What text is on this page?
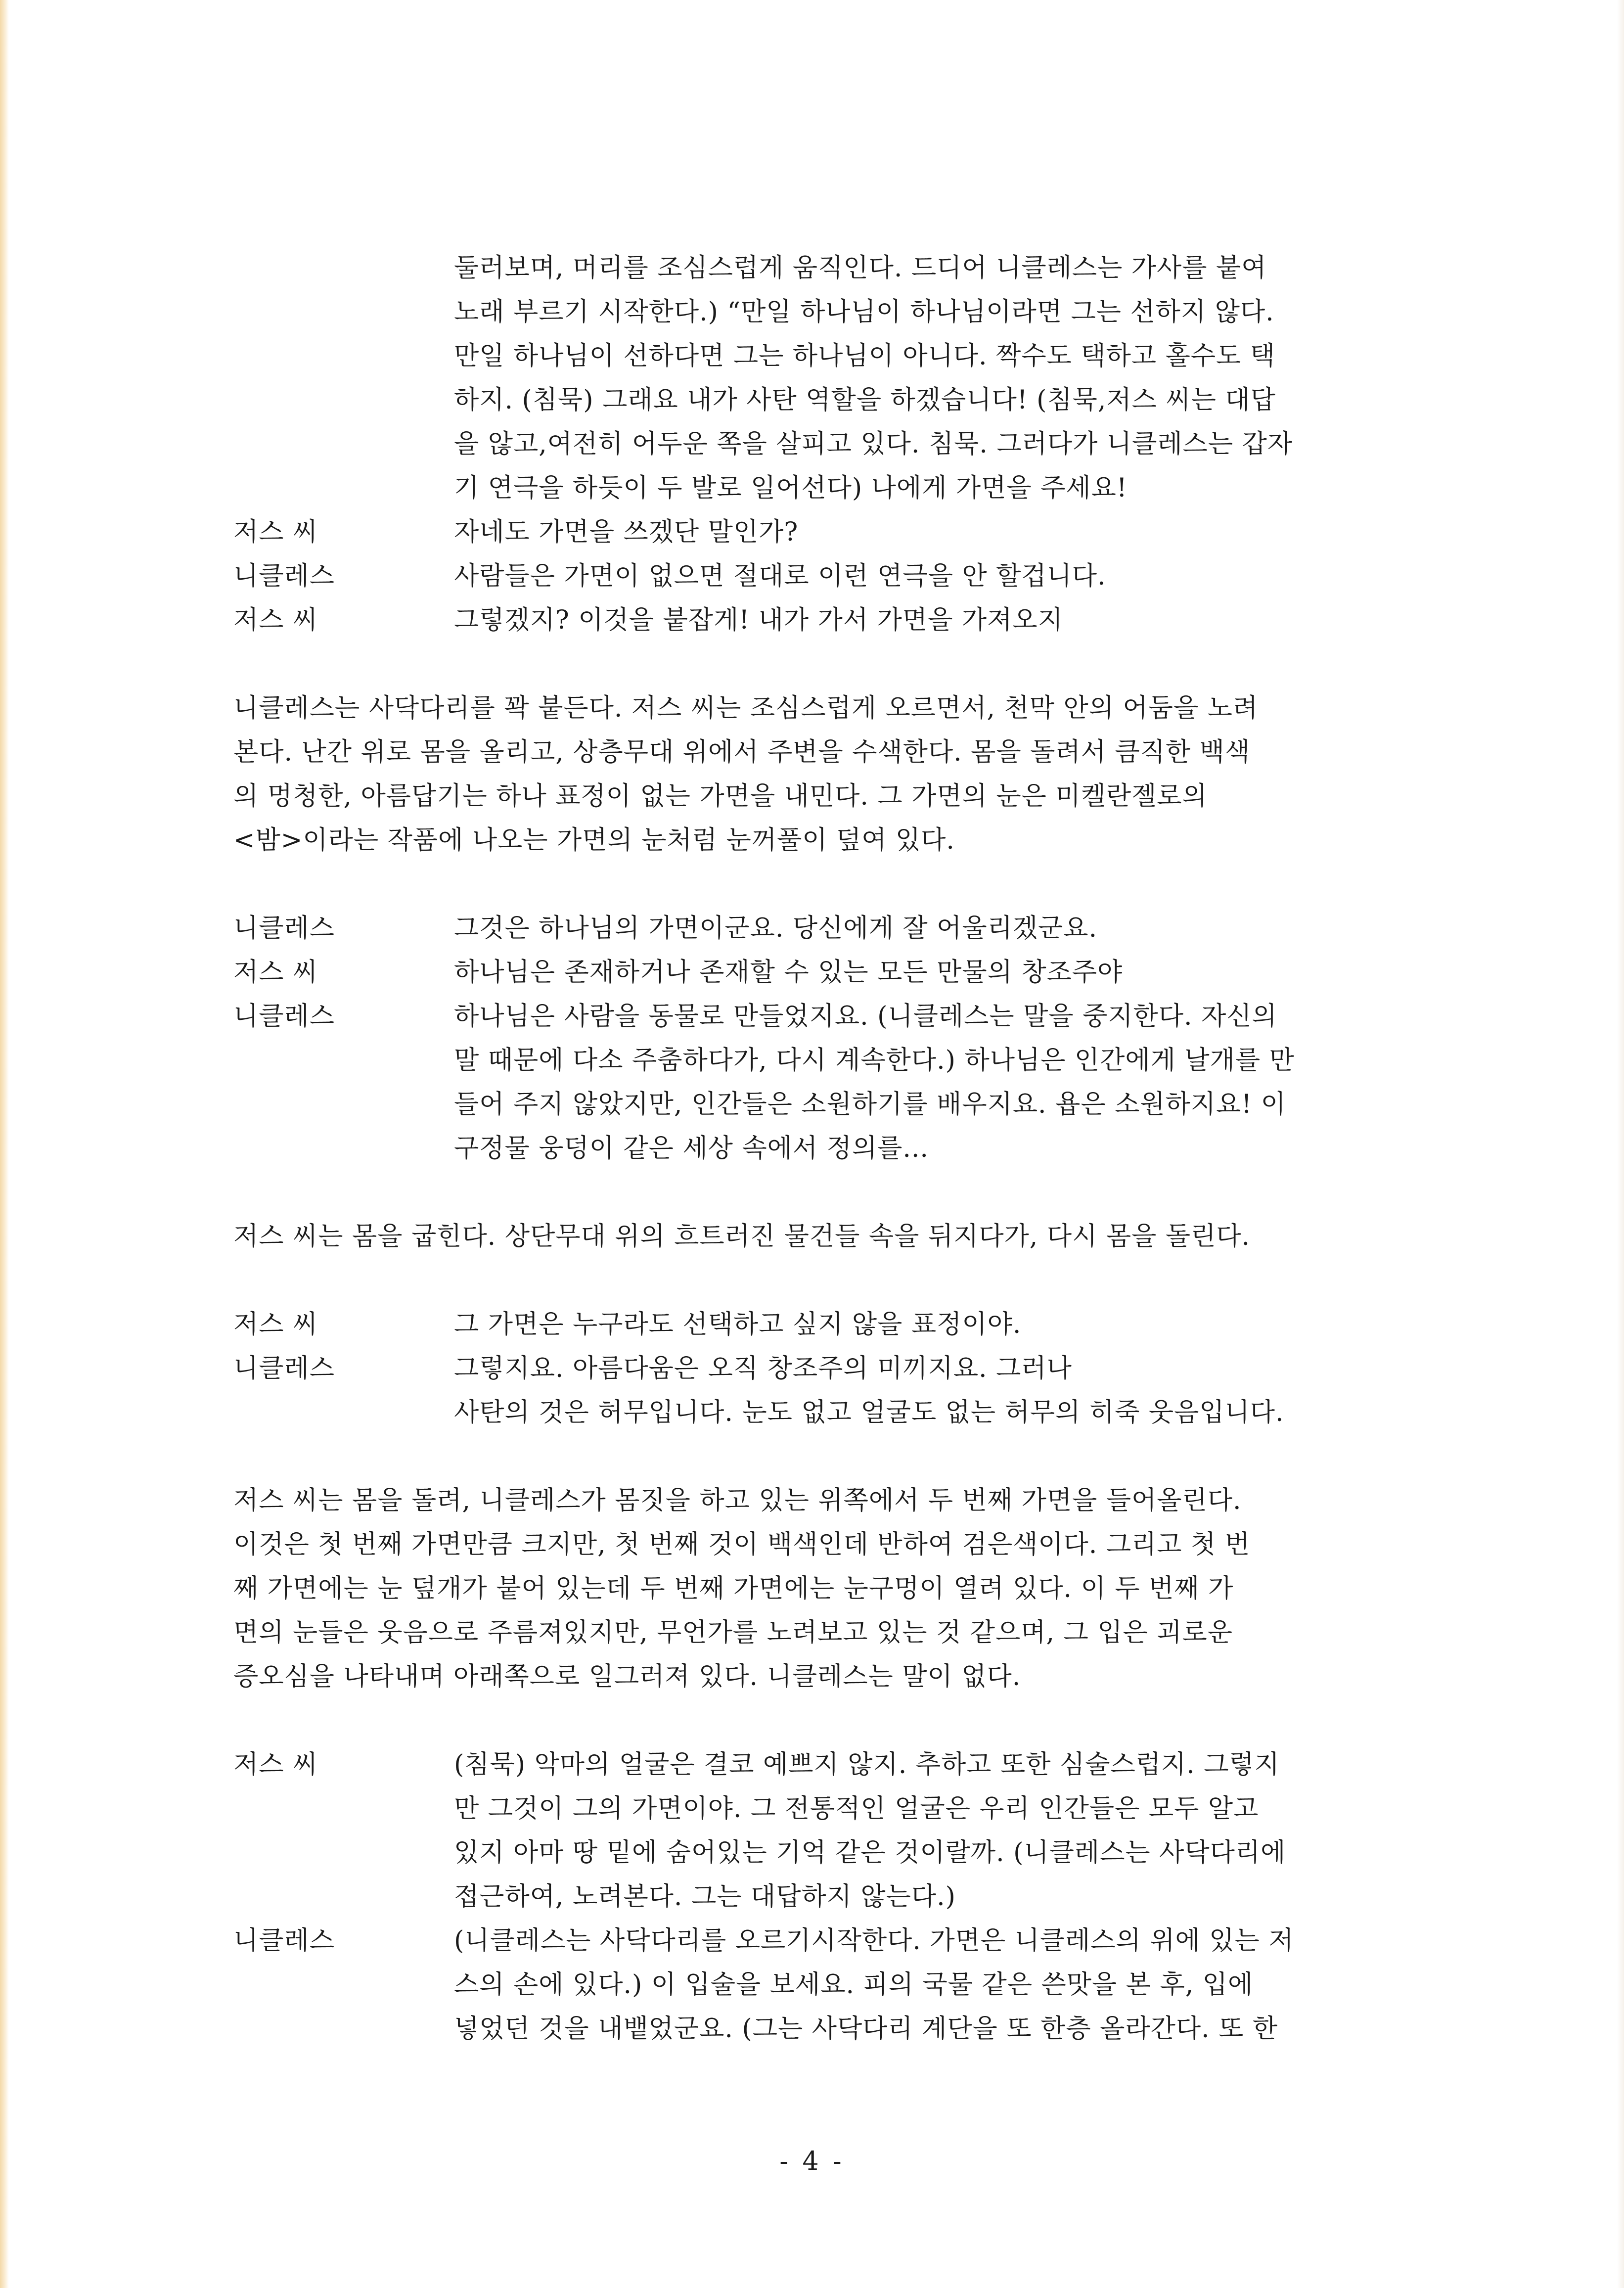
둘러보며, 머리를 조심스럽게 움직인다. 드디어 니클레스는 가사를 붙여
노래 부르기 시작한다.) “만일 하나님이 하나님이라면 그는 선하지 않다.
만일 하나님이 선하다면 그는 하나님이 아니다. 짝수도 택하고 홀수도 택
하지. (침묵) 그래요 내가 사탄 역할을 하겠습니다! (침묵,저스 씨는 대답
을 않고,여전히 어두운 쪽을 살피고 있다. 침묵. 그러다가 니클레스는 갑자
기 연극을 하듯이 두 발로 일어선다) 나에게 가면을 주세요!
저스 씨	자네도 가면을 쓰겠단 말인가?
니클레스	사람들은 가면이 없으면 절대로 이런 연극을 안 할겁니다.
저스 씨	그렇겠지? 이것을 붙잡게! 내가 가서 가면을 가져오지
니클레스는 사닥다리를 꽉 붙든다. 저스 씨는 조심스럽게 오르면서, 천막 안의 어둠을 노려
본다. 난간 위로 몸을 올리고, 상층무대 위에서 주변을 수색한다. 몸을 돌려서 큼직한 백색
의 멍청한, 아름답기는 하나 표정이 없는 가면을 내민다. 그 가면의 눈은 미켈란젤로의
<밤>이라는 작품에 나오는 가면의 눈처럼 눈꺼풀이 덮여 있다.
니클레스	그것은 하나님의 가면이군요. 당신에게 잘 어울리겠군요.
저스 씨	하나님은 존재하거나 존재할 수 있는 모든 만물의 창조주야
니클레스	하나님은 사람을 동물로 만들었지요. (니클레스는 말을 중지한다. 자신의
말 때문에 다소 주춤하다가, 다시 계속한다.) 하나님은 인간에게 날개를 만
들어 주지 않았지만, 인간들은 소원하기를 배우지요. 욥은 소원하지요! 이
구정물 웅덩이 같은 세상 속에서 정의를...
저스 씨는 몸을 굽힌다. 상단무대 위의 흐트러진 물건들 속을 뒤지다가, 다시 몸을 돌린다.
저스 씨	그 가면은 누구라도 선택하고 싶지 않을 표정이야.
니클레스	그렇지요. 아름다움은 오직 창조주의 미끼지요. 그러나
사탄의 것은 허무입니다. 눈도 없고 얼굴도 없는 허무의 히죽 웃음입니다.
저스 씨는 몸을 돌려, 니클레스가 몸짓을 하고 있는 위쪽에서 두 번째 가면을 들어올린다.
이것은 첫 번째 가면만큼 크지만, 첫 번째 것이 백색인데 반하여 검은색이다. 그리고 첫 번
째 가면에는 눈 덮개가 붙어 있는데 두 번째 가면에는 눈구멍이 열려 있다. 이 두 번째 가
면의 눈들은 웃음으로 주름져있지만, 무언가를 노려보고 있는 것 같으며, 그 입은 괴로운
증오심을 나타내며 아래쪽으로 일그러져 있다. 니클레스는 말이 없다.
저스 씨	(침묵) 악마의 얼굴은 결코 예쁘지 않지. 추하고 또한 심술스럽지. 그렇지
만 그것이 그의 가면이야. 그 전통적인 얼굴은 우리 인간들은 모두 알고
있지 아마 땅 밑에 숨어있는 기억 같은 것이랄까. (니클레스는 사닥다리에
접근하여, 노려본다. 그는 대답하지 않는다.)
니클레스	(니클레스는 사닥다리를 오르기시작한다. 가면은 니클레스의 위에 있는 저
스의 손에 있다.) 이 입술을 보세요. 피의 국물 같은 쓴맛을 본 후, 입에
넣었던 것을 내뱉었군요. (그는 사닥다리 계단을 또 한층 올라간다. 또 한
- 4 -
